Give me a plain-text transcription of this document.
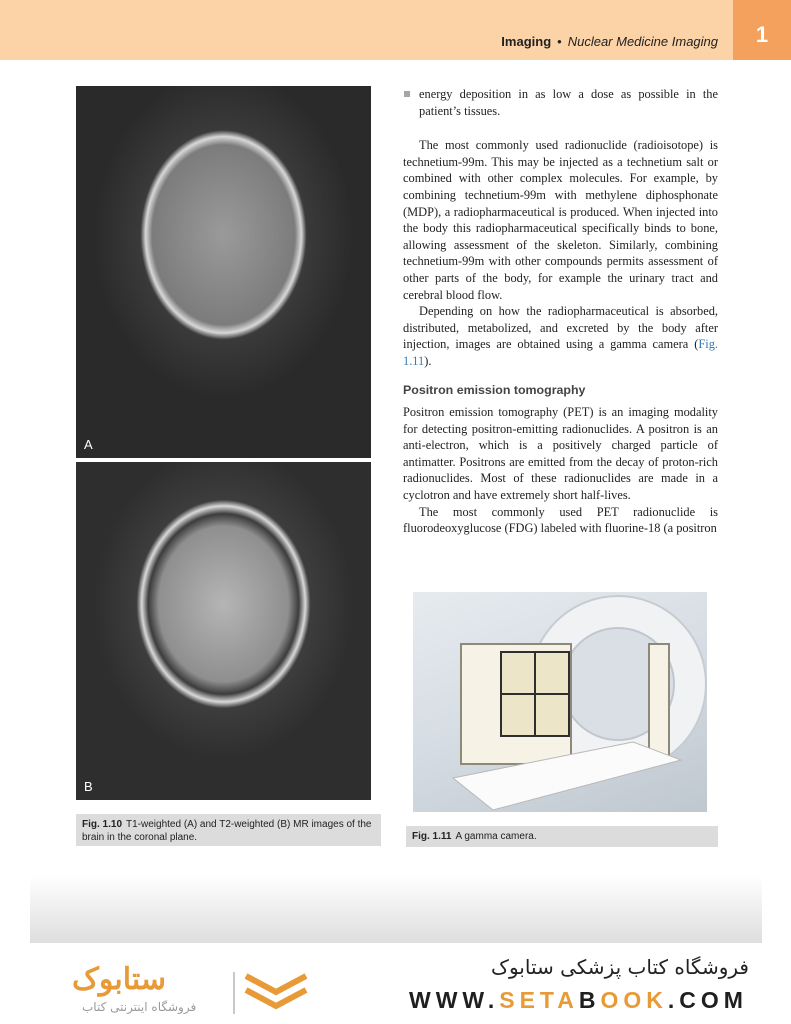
Imaging • Nuclear Medicine Imaging	1
A
B
Fig. 1.10 T1-weighted (A) and T2-weighted (B) MR images of the brain in the coronal plane.
energy deposition in as low a dose as possible in the patient’s tissues.

The most commonly used radionuclide (radioisotope) is technetium-99m. This may be injected as a technetium salt or combined with other complex molecules. For example, by combining technetium-99m with methylene diphosphonate (MDP), a radiopharmaceutical is produced. When injected into the body this radiopharmaceutical specifically binds to bone, allowing assessment of the skeleton. Similarly, combining technetium-99m with other compounds permits assessment of other parts of the body, for example the urinary tract and cerebral blood flow.

Depending on how the radiopharmaceutical is absorbed, distributed, metabolized, and excreted by the body after injection, images are obtained using a gamma camera (Fig. 1.11).

Positron emission tomography

Positron emission tomography (PET) is an imaging modality for detecting positron-emitting radionuclides. A positron is an anti-electron, which is a positively charged particle of antimatter. Positrons are emitted from the decay of proton-rich radionuclides. Most of these radionuclides are made in a cyclotron and have extremely short half-lives.

The most commonly used PET radionuclide is fluorodeoxyglucose (FDG) labeled with fluorine-18 (a positron

Fig. 1.11 A gamma camera.
ستابوک
فروشگاه اینترنتی کتاب
فروشگاه کتاب پزشکی ستابوک
WWW.SETABOOK.COM
